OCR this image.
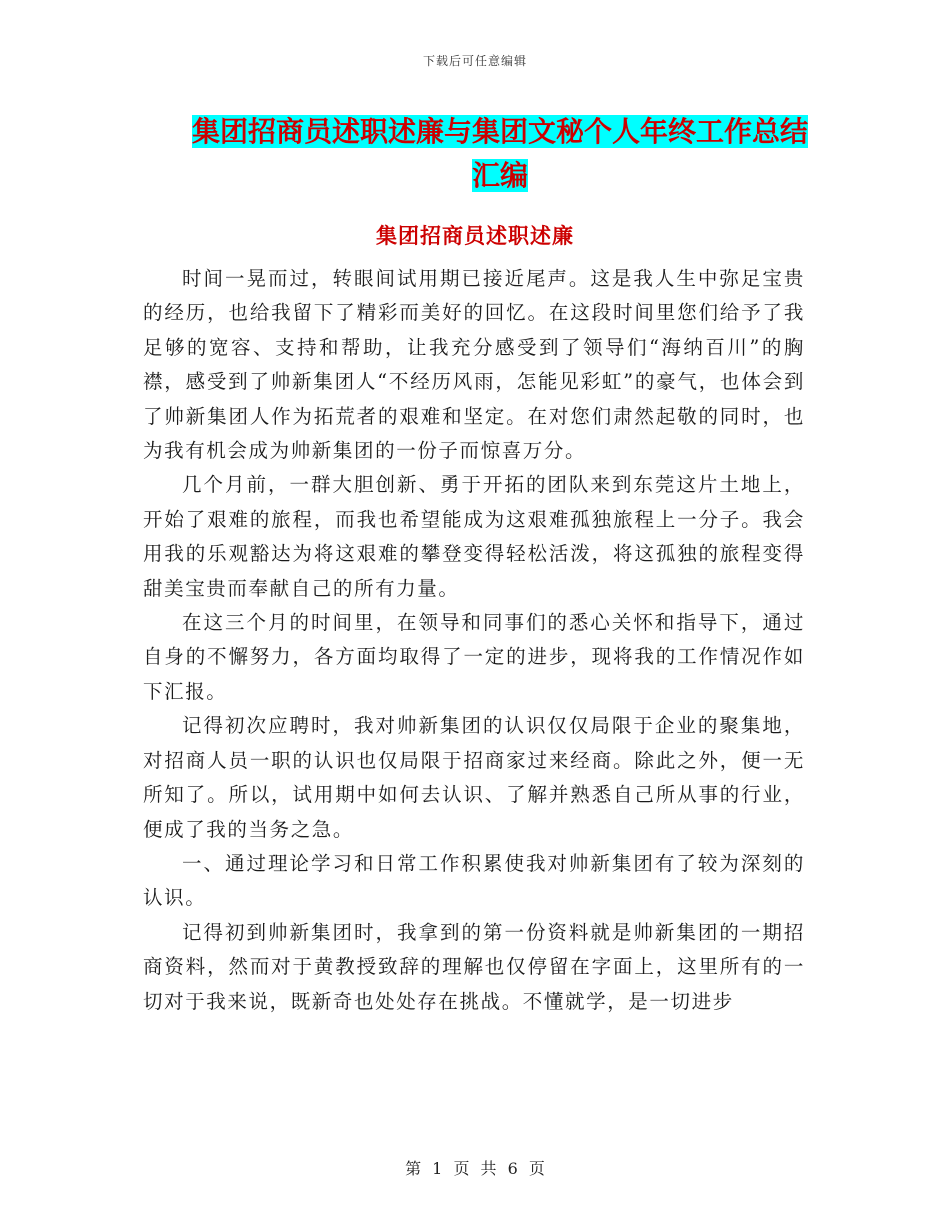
下载后可任意编辑
集团招商员述职述廉与集团文秘个人年终工作总结汇编
集团招商员述职述廉

时间一晃而过，转眼间试用期已接近尾声。这是我人生中弥足宝贵的经历，也给我留下了精彩而美好的回忆。在这段时间里您们给予了我足够的宽容、支持和帮助，让我充分感受到了领导们“海纳百川”的胸襟，感受到了帅新集团人“不经历风雨，怎能见彩虹”的豪气，也体会到了帅新集团人作为拓荒者的艰难和坚定。在对您们肃然起敬的同时，也为我有机会成为帅新集团的一份子而惊喜万分。

几个月前，一群大胆创新、勇于开拓的团队来到东莞这片土地上，开始了艰难的旅程，而我也希望能成为这艰难孤独旅程上一分子。我会用我的乐观豁达为将这艰难的攀登变得轻松活泼，将这孤独的旅程变得甜美宝贵而奉献自己的所有力量。

在这三个月的时间里，在领导和同事们的悉心关怀和指导下，通过自身的不懈努力，各方面均取得了一定的进步，现将我的工作情况作如下汇报。

记得初次应聘时，我对帅新集团的认识仅仅局限于企业的聚集地，对招商人员一职的认识也仅局限于招商家过来经商。除此之外，便一无所知了。所以，试用期中如何去认识、了解并熟悉自己所从事的行业，便成了我的当务之急。

一、通过理论学习和日常工作积累使我对帅新集团有了较为深刻的认识。

记得初到帅新集团时，我拿到的第一份资料就是帅新集团的一期招商资料，然而对于黄教授致辞的理解也仅停留在字面上，这里所有的一切对于我来说，既新奇也处处存在挑战。不懂就学，是一切进步

第 1 页 共 6 页
